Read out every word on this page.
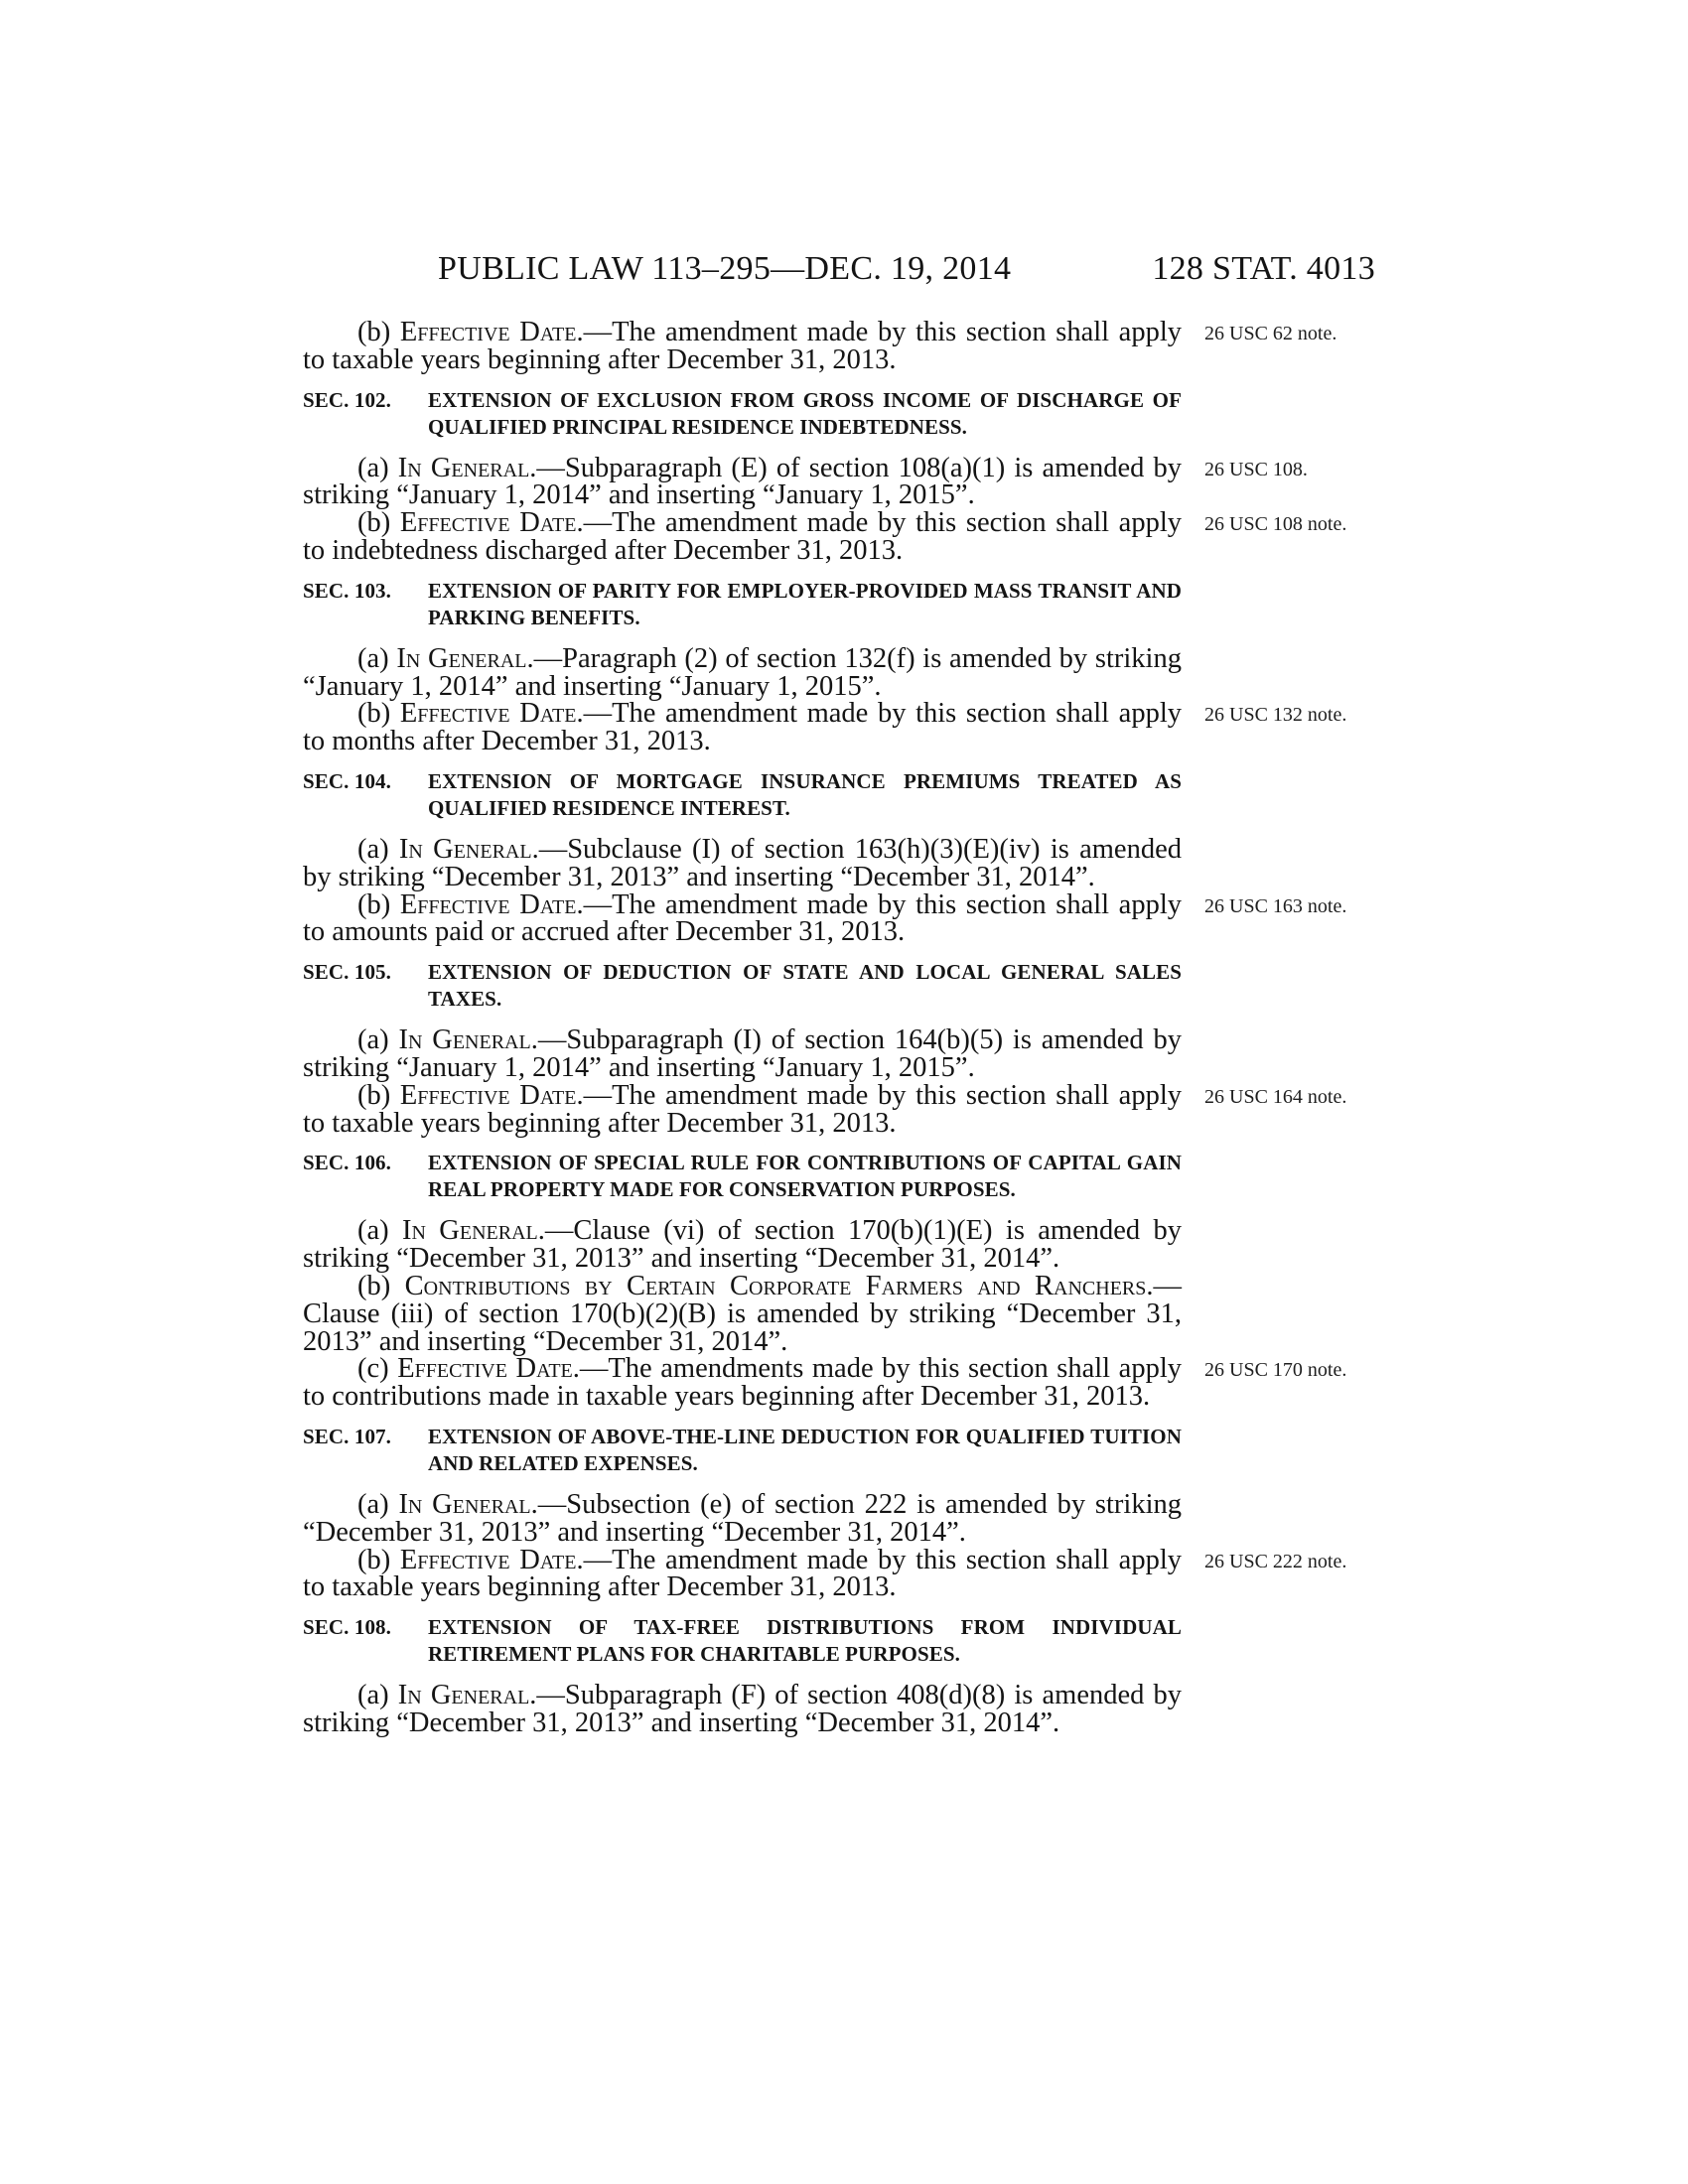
PUBLIC LAW 113–295—DEC. 19, 2014	128 STAT. 4013

(b) Effective Date.—The amendment made by this section shall apply to taxable years beginning after December 31, 2013.

26 USC 62 note.
SEC. 102. EXTENSION OF EXCLUSION FROM GROSS INCOME OF DISCHARGE OF QUALIFIED PRINCIPAL RESIDENCE INDEBTEDNESS.

(a) In General.—Subparagraph (E) of section 108(a)(1) is amended by striking “January 1, 2014” and inserting “January 1, 2015”.

26 USC 108.

(b) Effective Date.—The amendment made by this section shall apply to indebtedness discharged after December 31, 2013.

26 USC 108 note.
SEC. 103. EXTENSION OF PARITY FOR EMPLOYER-PROVIDED MASS TRANSIT AND PARKING BENEFITS.

(a) In General.—Paragraph (2) of section 132(f) is amended by striking “January 1, 2014” and inserting “January 1, 2015”.

(b) Effective Date.—The amendment made by this section shall apply to months after December 31, 2013.

26 USC 132 note.
SEC. 104. EXTENSION OF MORTGAGE INSURANCE PREMIUMS TREATED AS QUALIFIED RESIDENCE INTEREST.

(a) In General.—Subclause (I) of section 163(h)(3)(E)(iv) is amended by striking “December 31, 2013” and inserting “December 31, 2014”.

(b) Effective Date.—The amendment made by this section shall apply to amounts paid or accrued after December 31, 2013.

26 USC 163 note.
SEC. 105. EXTENSION OF DEDUCTION OF STATE AND LOCAL GENERAL SALES TAXES.

(a) In General.—Subparagraph (I) of section 164(b)(5) is amended by striking “January 1, 2014” and inserting “January 1, 2015”.

(b) Effective Date.—The amendment made by this section shall apply to taxable years beginning after December 31, 2013.

26 USC 164 note.
SEC. 106. EXTENSION OF SPECIAL RULE FOR CONTRIBUTIONS OF CAPITAL GAIN REAL PROPERTY MADE FOR CONSERVATION PURPOSES.

(a) In General.—Clause (vi) of section 170(b)(1)(E) is amended by striking “December 31, 2013” and inserting “December 31, 2014”.

(b) Contributions by Certain Corporate Farmers and Ranchers.—Clause (iii) of section 170(b)(2)(B) is amended by striking “December 31, 2013” and inserting “December 31, 2014”.

(c) Effective Date.—The amendments made by this section shall apply to contributions made in taxable years beginning after December 31, 2013.

26 USC 170 note.
SEC. 107. EXTENSION OF ABOVE-THE-LINE DEDUCTION FOR QUALIFIED TUITION AND RELATED EXPENSES.

(a) In General.—Subsection (e) of section 222 is amended by striking “December 31, 2013” and inserting “December 31, 2014”.

(b) Effective Date.—The amendment made by this section shall apply to taxable years beginning after December 31, 2013.

26 USC 222 note.
SEC. 108. EXTENSION OF TAX-FREE DISTRIBUTIONS FROM INDIVIDUAL RETIREMENT PLANS FOR CHARITABLE PURPOSES.

(a) In General.—Subparagraph (F) of section 408(d)(8) is amended by striking “December 31, 2013” and inserting “December 31, 2014”.
